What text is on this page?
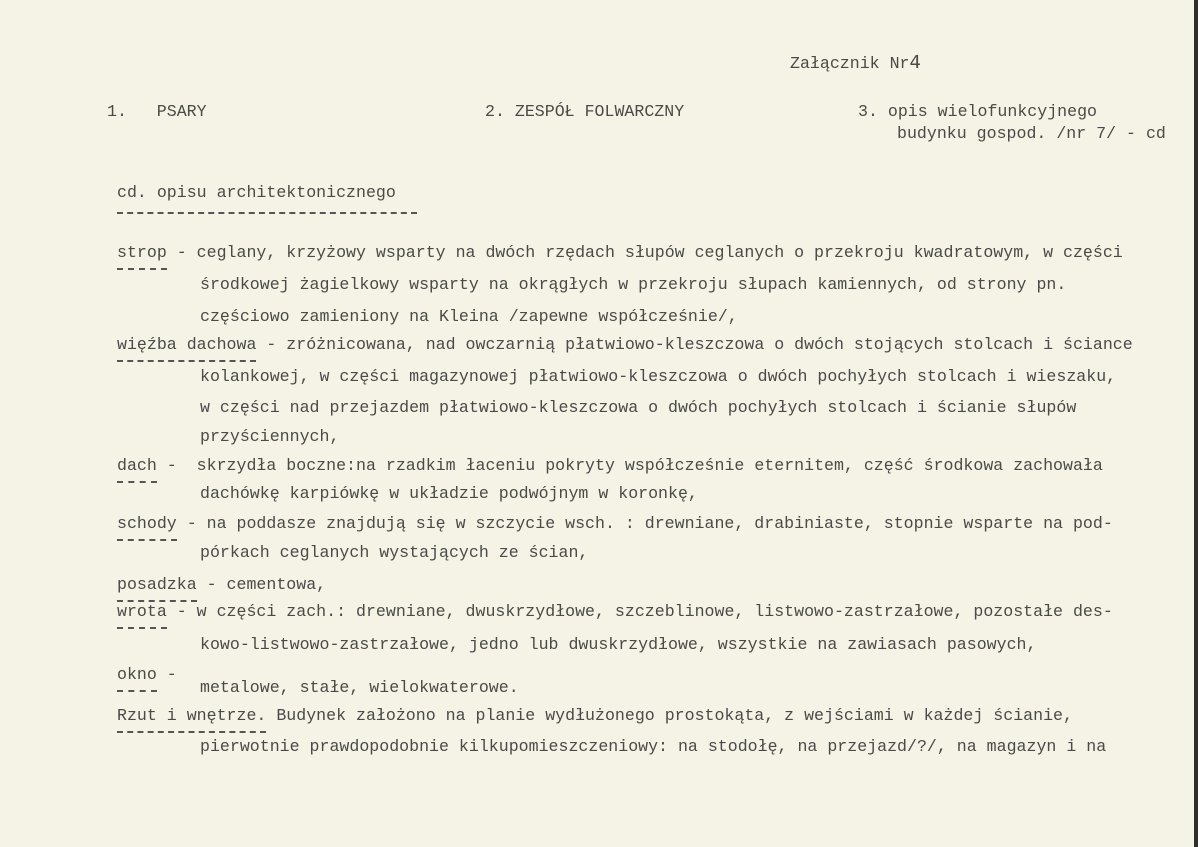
Załącznik Nr4
1.   PSARY	2. ZESPÓŁ FOLWARCZNY	3. opis wielofunkcyjnego
budynku gospod. /nr 7/ - cd
cd. opisu architektonicznego
strop - ceglany, krzyżowy wsparty na dwóch rzędach słupów ceglanych o przekroju kwadratowym, w części
środkowej żagielkowy wsparty na okrągłych w przekroju słupach kamiennych, od strony pn.
częściowo zamieniony na Kleina /zapewne współcześnie/,
więźba dachowa - zróżnicowana, nad owczarnią płatwiowo-kleszczowa o dwóch stojących stolcach i ściance
kolankowej, w części magazynowej płatwiowo-kleszczowa o dwóch pochyłych stolcach i wieszaku,
w części nad przejazdem płatwiowo-kleszczowa o dwóch pochyłych stolcach i ścianie słupów
przyściennych,
dach -  skrzydła boczne:na rzadkim łaceniu pokryty współcześnie eternitem, część środkowa zachowała
dachówkę karpiówkę w układzie podwójnym w koronkę,
schody - na poddasze znajdują się w szczycie wsch. : drewniane, drabiniaste, stopnie wsparte na pod-
pórkach ceglanych wystających ze ścian,
posadzka - cementowa,
wrota - w części zach.: drewniane, dwuskrzydłowe, szczeblinowe, listwowo-zastrzałowe, pozostałe des-
kowo-listwowo-zastrzałowe, jedno lub dwuskrzydłowe, wszystkie na zawiasach pasowych,
okno -
metalowe, stałe, wielokwaterowe.
Rzut i wnętrze. Budynek założono na planie wydłużonego prostokąta, z wejściami w każdej ścianie,
pierwotnie prawdopodobnie kilkupomieszczeniowy: na stodołę, na przejazd/?/, na magazyn i na
